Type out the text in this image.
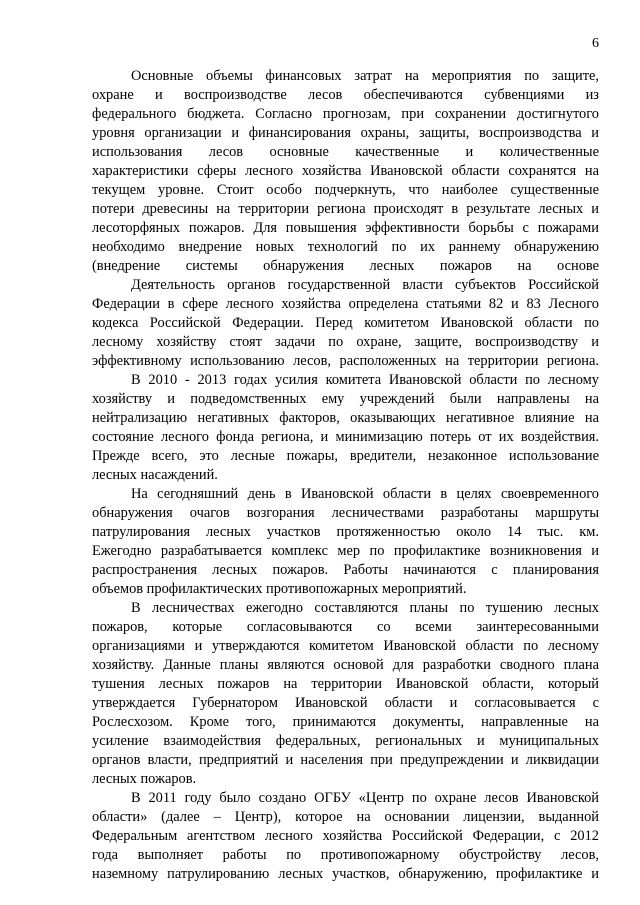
6
Основные объемы финансовых затрат на мероприятия по защите,
охране и воспроизводстве лесов обеспечиваются субвенциями из
федерального бюджета. Согласно прогнозам, при сохранении достигнутого
уровня организации и финансирования охраны, защиты, воспроизводства и
использования лесов основные качественные и количественные
характеристики сферы лесного хозяйства Ивановской области сохранятся на
текущем уровне. Стоит особо подчеркнуть, что наиболее существенные
потери древесины на территории региона происходят в результате лесных и
лесоторфяных пожаров. Для повышения эффективности борьбы с пожарами
необходимо внедрение новых технологий по их раннему обнаружению
(внедрение системы обнаружения лесных пожаров на основе
Деятельность органов государственной власти субъектов Российской
Федерации в сфере лесного хозяйства определена статьями 82 и 83 Лесного
кодекса Российской Федерации. Перед комитетом Ивановской области по
лесному хозяйству стоят задачи по охране, защите, воспроизводству и
эффективному использованию лесов, расположенных на территории региона.
В 2010 - 2013 годах усилия комитета Ивановской области по лесному
хозяйству и подведомственных ему учреждений были направлены на
нейтрализацию негативных факторов, оказывающих негативное влияние на
состояние лесного фонда региона, и минимизацию потерь от их воздействия.
Прежде всего, это лесные пожары, вредители, незаконное использование
лесных насаждений.
На сегодняшний день в Ивановской области в целях своевременного
обнаружения очагов возгорания лесничествами разработаны маршруты
патрулирования лесных участков протяженностью около 14 тыс. км.
Ежегодно разрабатывается комплекс мер по профилактике возникновения и
распространения лесных пожаров. Работы начинаются с планирования
объемов профилактических противопожарных мероприятий.
В лесничествах ежегодно составляются планы по тушению лесных
пожаров, которые согласовываются со всеми заинтересованными
организациями и утверждаются комитетом Ивановской области по лесному
хозяйству. Данные планы являются основой для разработки сводного плана
тушения лесных пожаров на территории Ивановской области, который
утверждается Губернатором Ивановской области и согласовывается с
Рослесхозом. Кроме того, принимаются документы, направленные на
усиление взаимодействия федеральных, региональных и муниципальных
органов власти, предприятий и населения при предупреждении и ликвидации
лесных пожаров.
В 2011 году было создано ОГБУ «Центр по охране лесов Ивановской
области» (далее – Центр), которое на основании лицензии, выданной
Федеральным агентством лесного хозяйства Российской Федерации, с 2012
года выполняет работы по противопожарному обустройству лесов,
наземному патрулированию лесных участков, обнаружению, профилактике и
